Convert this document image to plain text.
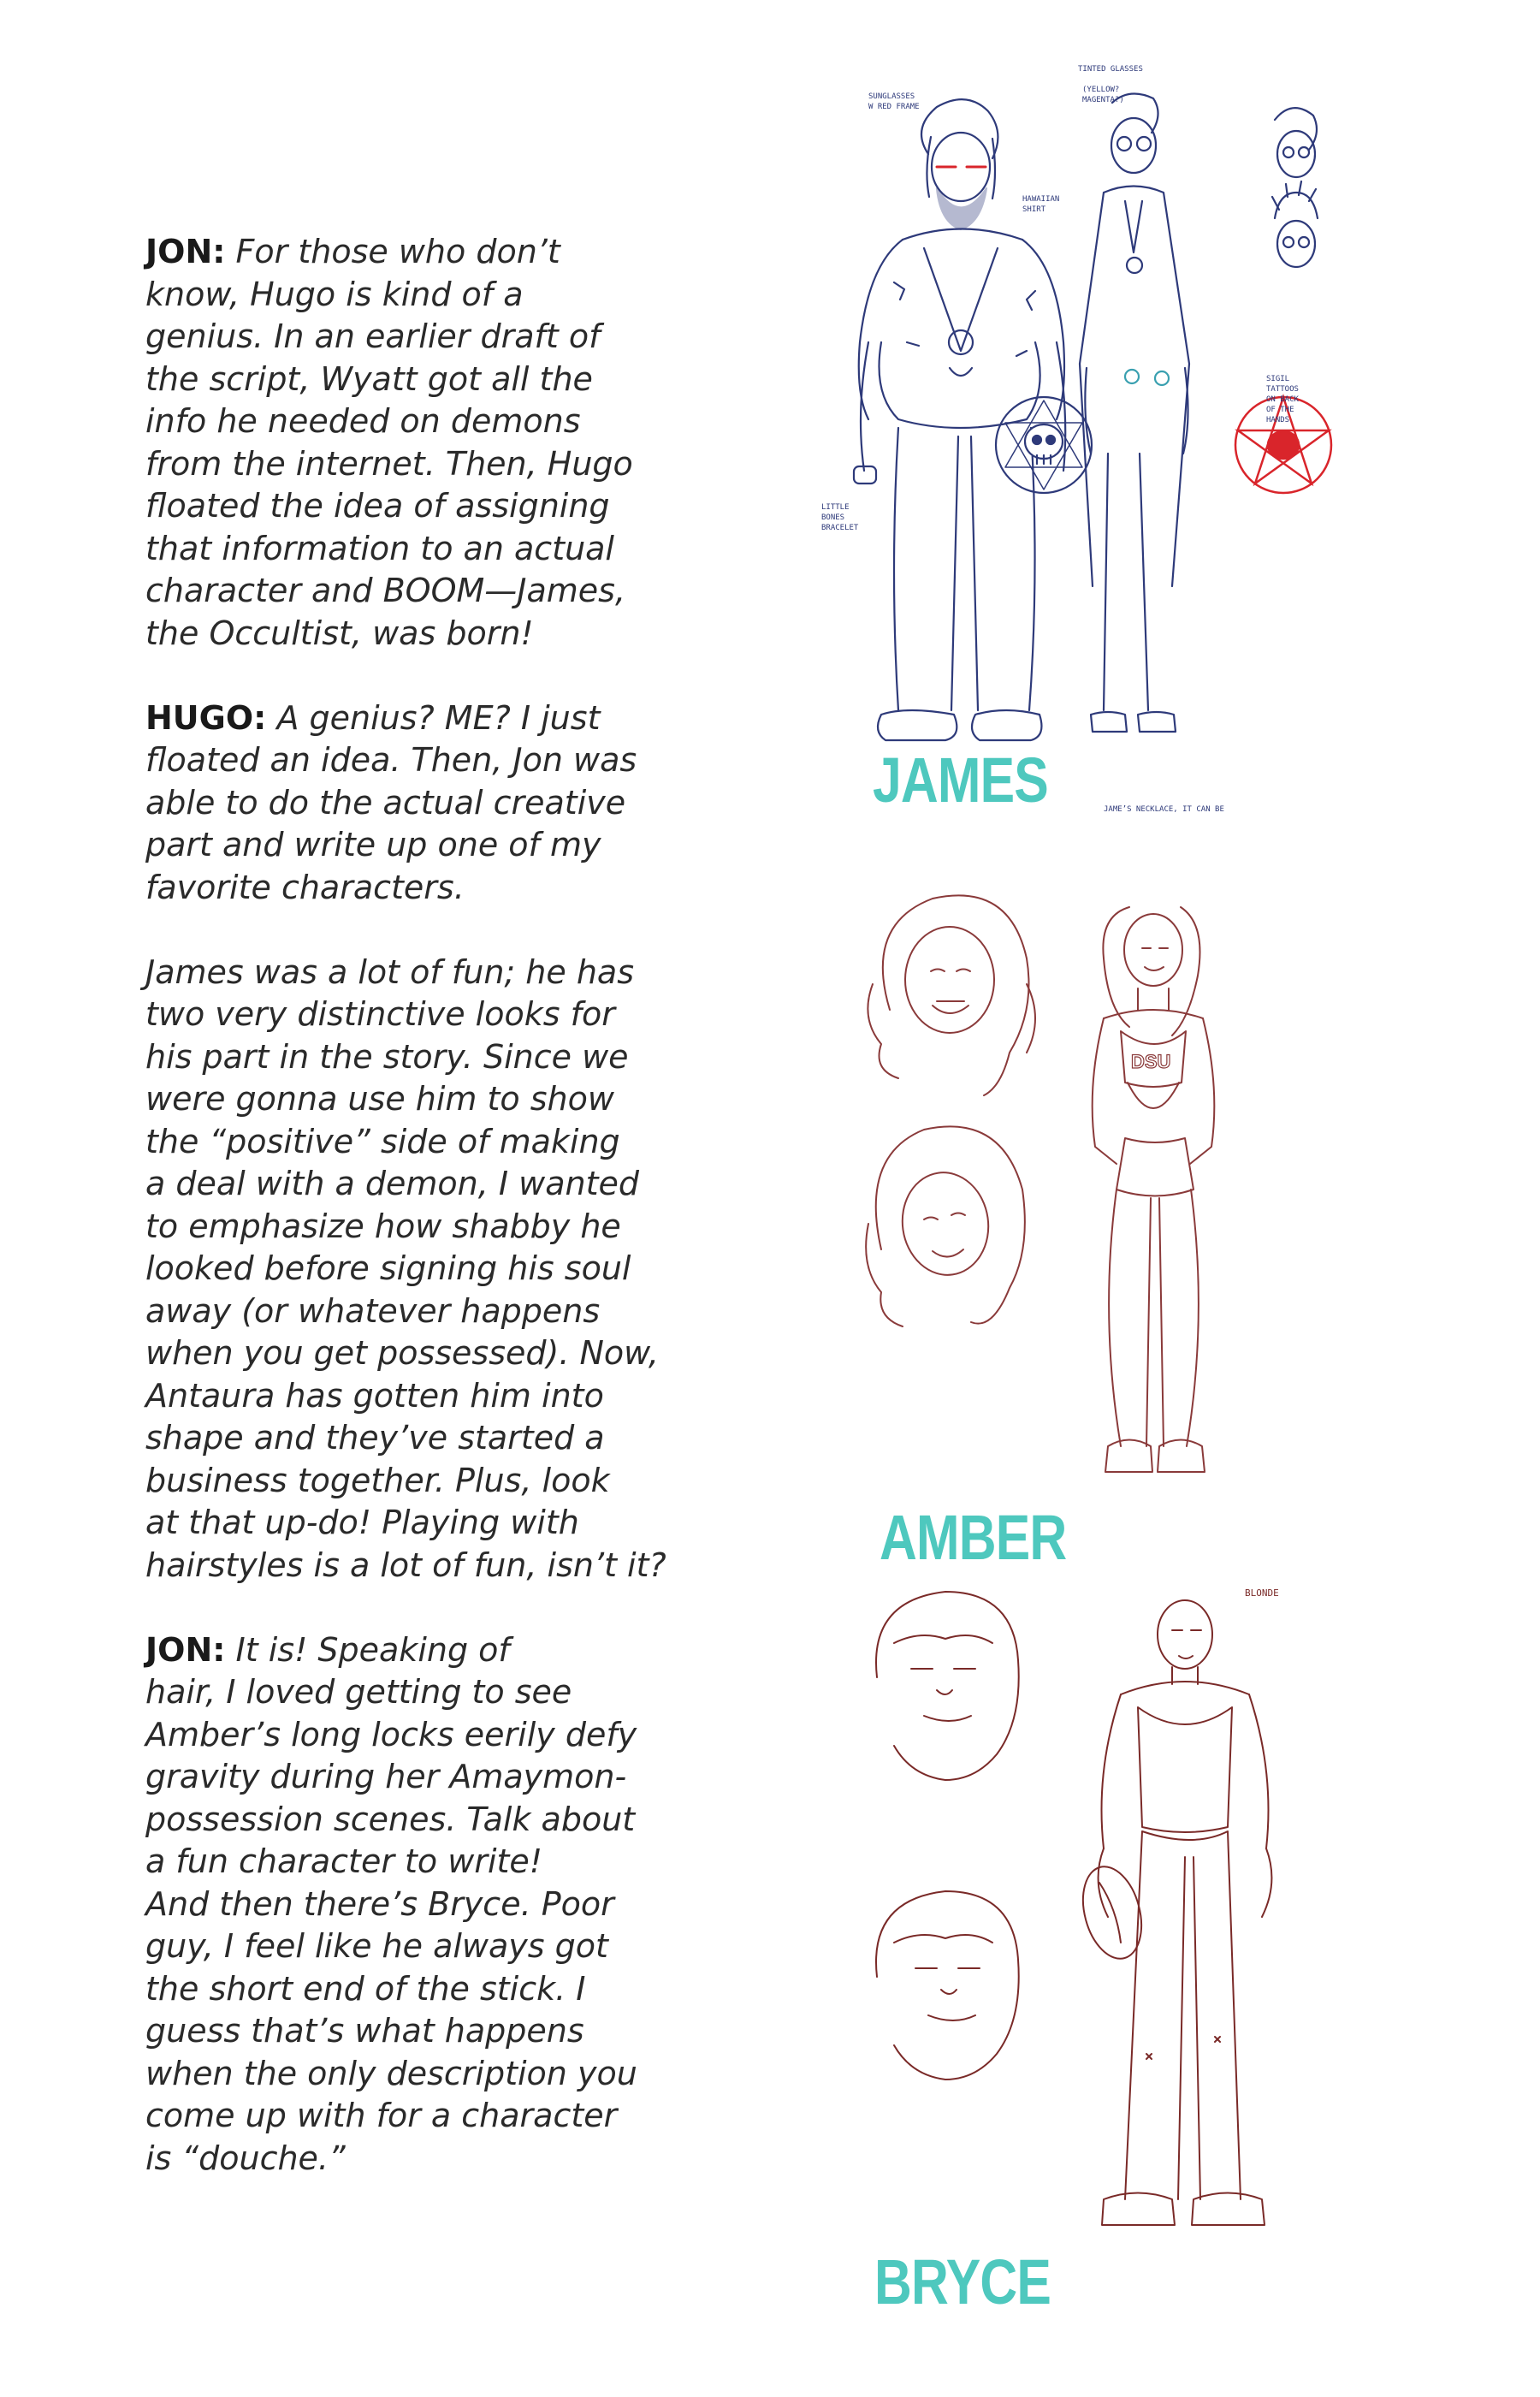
JON: For those who don’t
know, Hugo is kind of a
genius. In an earlier draft of
the script, Wyatt got all the
info he needed on demons
from the internet. Then, Hugo
floated the idea of assigning
that information to an actual
character and BOOM—James,
the Occultist, was born!

HUGO: A genius? ME? I just
floated an idea. Then, Jon was
able to do the actual creative
part and write up one of my
favorite characters.

James was a lot of fun; he has
two very distinctive looks for
his part in the story. Since we
were gonna use him to show
the “positive” side of making
a deal with a demon, I wanted
to emphasize how shabby he
looked before signing his soul
away (or whatever happens
when you get possessed). Now,
Antaura has gotten him into
shape and they’ve started a
business together. Plus, look
at that up-do! Playing with
hairstyles is a lot of fun, isn’t it?

JON: It is! Speaking of
hair, I loved getting to see
Amber’s long locks eerily defy
gravity during her Amaymon-
possession scenes. Talk about
a fun character to write!
And then there’s Bryce. Poor
guy, I feel like he always got
the short end of the stick. I
guess that’s what happens
when the only description you
come up with for a character
is “douche.”

SUNGLASSES
W RED FRAME
HAWAIIAN
SHIRT
TINTED GLASSES
(YELLOW?
MAGENTA?)
SIGIL
TATTOOS
ON BACK
OF THE
HANDS
LITTLE
BONES
BRACELET
JAME’S NECKLACE, IT CAN BE
JAMES
DSU
AMBER
BLONDE
BRYCE
